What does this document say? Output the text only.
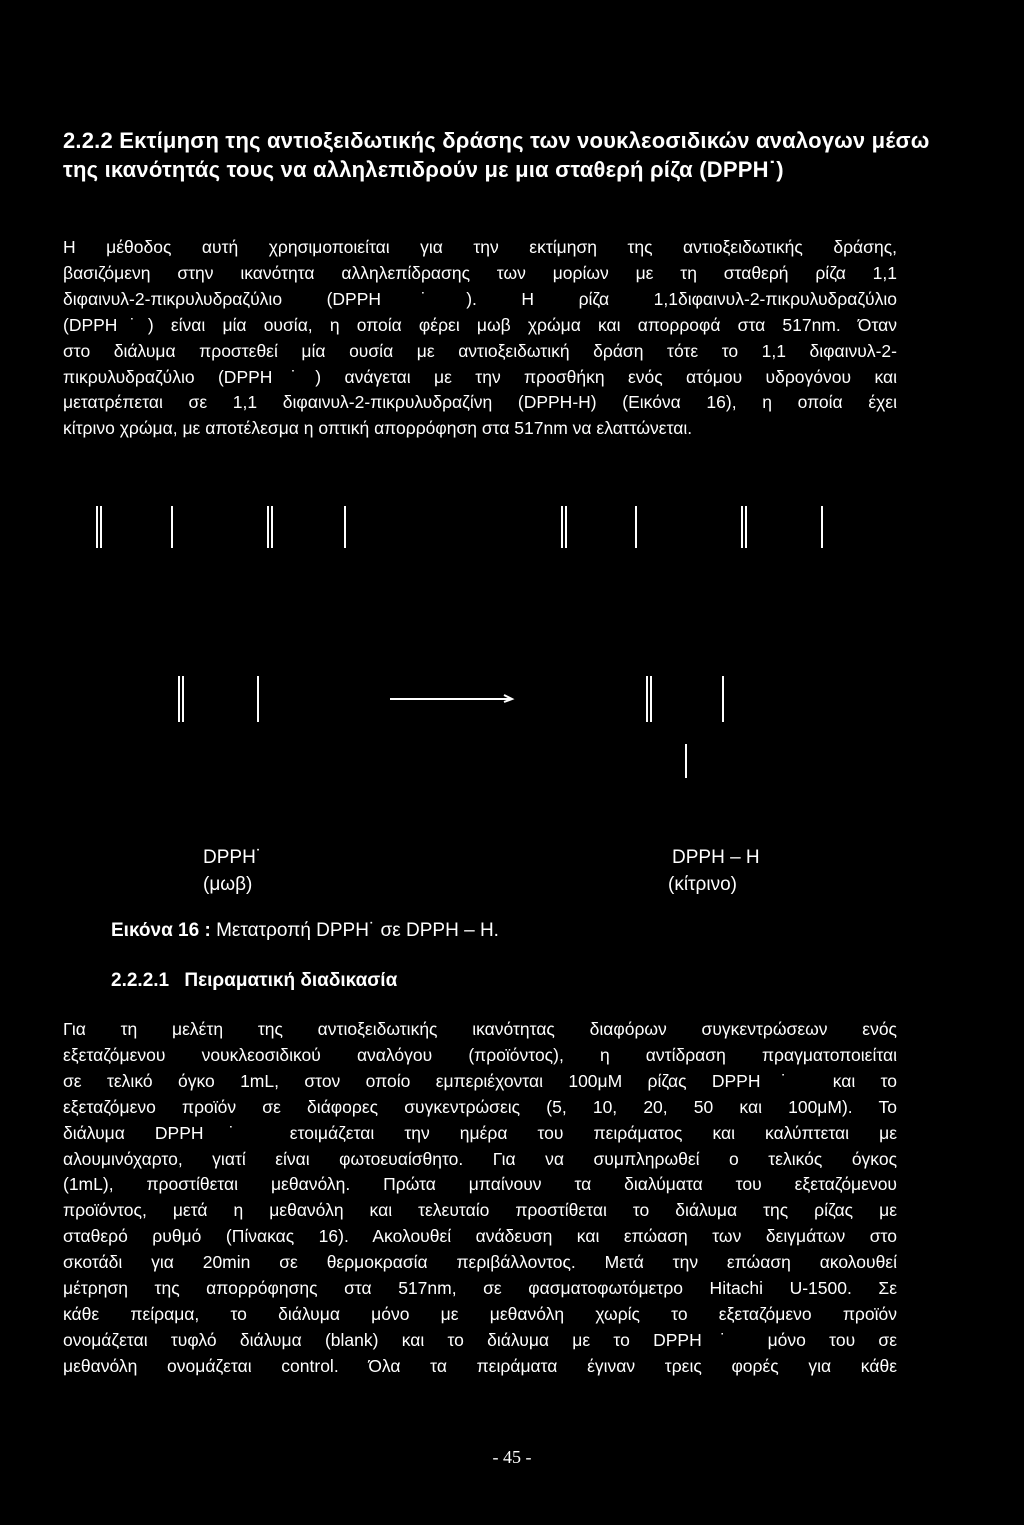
2.2.2 Εκτίμηση της αντιοξειδωτικής δράσης των νουκλεοσιδικών αναλογων μέσω της ικανότητάς τους να αλληλεπιδρούν με μια σταθερή ρίζα (DPPH˙)
Η μέθοδος αυτή χρησιμοποιείται για την εκτίμηση της αντιοξειδωτικής δράσης,
βασιζόμενη στην ικανότητα αλληλεπίδρασης των μορίων με τη σταθερή ρίζα 1,1
διφαινυλ-2-πικρυλυδραζύλιο (DPPH˙). Η ρίζα 1,1διφαινυλ-2-πικρυλυδραζύλιο
(DPPH˙) είναι μία ουσία, η οποία φέρει μωβ χρώμα και απορροφά στα 517nm. Όταν
στο διάλυμα προστεθεί μία ουσία με αντιοξειδωτική δράση τότε το 1,1 διφαινυλ-2-
πικρυλυδραζύλιο (DPPH˙) ανάγεται με την προσθήκη ενός ατόμου υδρογόνου και
μετατρέπεται σε 1,1 διφαινυλ-2-πικρυλυδραζίνη (DPPH-H) (Εικόνα 16), η οποία έχει
κίτρινο χρώμα, με αποτέλεσμα η οπτική απορρόφηση στα 517nm να ελαττώνεται.
DPPH˙
(μωβ)
DPPH – H
(κίτρινο)
Εικόνα 16 : Μετατροπή DPPH˙ σε DPPH – H.
2.2.2.1 Πειραματική διαδικασία
Για τη μελέτη της αντιοξειδωτικής ικανότητας διαφόρων συγκεντρώσεων ενός
εξεταζόμενου νουκλεοσιδικού αναλόγου (προϊόντος), η αντίδραση πραγματοποιείται
σε τελικό όγκο 1mL, στον οποίο εμπεριέχονται 100μΜ ρίζας DPPH˙ και το
εξεταζόμενο προϊόν σε διάφορες συγκεντρώσεις (5, 10, 20, 50 και 100μΜ). Το
διάλυμα DPPH˙ ετοιμάζεται την ημέρα του πειράματος και καλύπτεται με
αλουμινόχαρτο, γιατί είναι φωτοευαίσθητο. Για να συμπληρωθεί ο τελικός όγκος
(1mL), προστίθεται μεθανόλη. Πρώτα μπαίνουν τα διαλύματα του εξεταζόμενου
προϊόντος, μετά η μεθανόλη και τελευταίο προστίθεται το διάλυμα της ρίζας με
σταθερό ρυθμό (Πίνακας 16). Ακολουθεί ανάδευση και επώαση των δειγμάτων στο
σκοτάδι για 20min σε θερμοκρασία περιβάλλοντος. Μετά την επώαση ακολουθεί
μέτρηση της απορρόφησης στα 517nm, σε φασματοφωτόμετρο Hitachi U-1500. Σε
κάθε πείραμα, το διάλυμα μόνο με μεθανόλη χωρίς το εξεταζόμενο προϊόν
ονομάζεται τυφλό διάλυμα (blank) και το διάλυμα με το DPPH˙ μόνο του σε
μεθανόλη ονομάζεται control. Όλα τα πειράματα έγιναν τρεις φορές για κάθε
- 45 -
